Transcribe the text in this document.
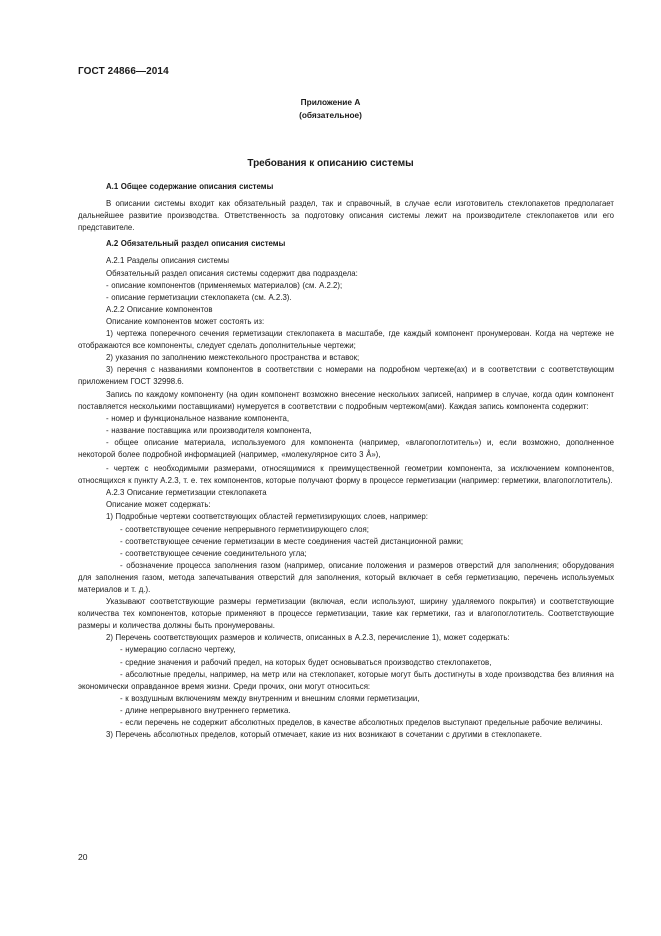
ГОСТ 24866—2014
Приложение А
(обязательное)
Требования к описанию системы

А.1 Общее содержание описания системы

В описании системы входит как обязательный раздел, так и справочный, в случае если изготовитель стеклопакетов предполагает дальнейшее развитие производства. Ответственность за подготовку описания системы лежит на производителе стеклопакетов или его представителе.

А.2 Обязательный раздел описания системы

А.2.1 Разделы описания системы

Обязательный раздел описания системы содержит два подраздела:

- описание компонентов (применяемых материалов) (см. А.2.2);

- описание герметизации стеклопакета (см. А.2.3).

А.2.2 Описание компонентов

Описание компонентов может состоять из:

1) чертежа поперечного сечения герметизации стеклопакета в масштабе, где каждый компонент пронумерован. Когда на чертеже не отображаются все компоненты, следует сделать дополнительные чертежи;

2) указания по заполнению межстекольного пространства и вставок;

3) перечня с названиями компонентов в соответствии с номерами на подробном чертеже(ах) и в соответствии с соответствующим приложением ГОСТ 32998.6.

Запись по каждому компоненту (на один компонент возможно внесение нескольких записей, например в случае, когда один компонент поставляется несколькими поставщиками) нумеруется в соответствии с подробным чертежом(ами). Каждая запись компонента содержит:

- номер и функциональное название компонента,

- название поставщика или производителя компонента,

- общее описание материала, используемого для компонента (например, «влагопоглотитель») и, если возможно, дополненное некоторой более подробной информацией (например, «молекулярное сито 3 Å»),

- чертеж с необходимыми размерами, относящимися к преимущественной геометрии компонента, за исключением компонентов, относящихся к пункту А.2.3, т. е. тех компонентов, которые получают форму в процессе герметизации (например: герметики, влагопоглотитель).

А.2.3 Описание герметизации стеклопакета

Описание может содержать:

1) Подробные чертежи соответствующих областей герметизирующих слоев, например:

- соответствующее сечение непрерывного герметизирующего слоя;

- соответствующее сечение герметизации в месте соединения частей дистанционной рамки;

- соответствующее сечение соединительного угла;

- обозначение процесса заполнения газом (например, описание положения и размеров отверстий для заполнения; оборудования для заполнения газом, метода запечатывания отверстий для заполнения, который включает в себя герметизацию, перечень используемых материалов и т. д.).

Указывают соответствующие размеры герметизации (включая, если используют, ширину удаляемого покрытия) и соответствующие количества тех компонентов, которые применяют в процессе герметизации, такие как герметики, газ и влагопоглотитель. Соответствующие размеры и количества должны быть пронумерованы.

2) Перечень соответствующих размеров и количеств, описанных в А.2.3, перечисление 1), может содержать:

- нумерацию согласно чертежу,

- средние значения и рабочий предел, на которых будет основываться производство стеклопакетов,

- абсолютные пределы, например, на метр или на стеклопакет, которые могут быть достигнуты в ходе производства без влияния на экономически оправданное время жизни. Среди прочих, они могут относиться:

- к воздушным включениям между внутренним и внешним слоями герметизации,

- длине непрерывного внутреннего герметика.

- если перечень не содержит абсолютных пределов, в качестве абсолютных пределов выступают предельные рабочие величины.

3) Перечень абсолютных пределов, который отмечает, какие из них возникают в сочетании с другими в стеклопакете.

20
